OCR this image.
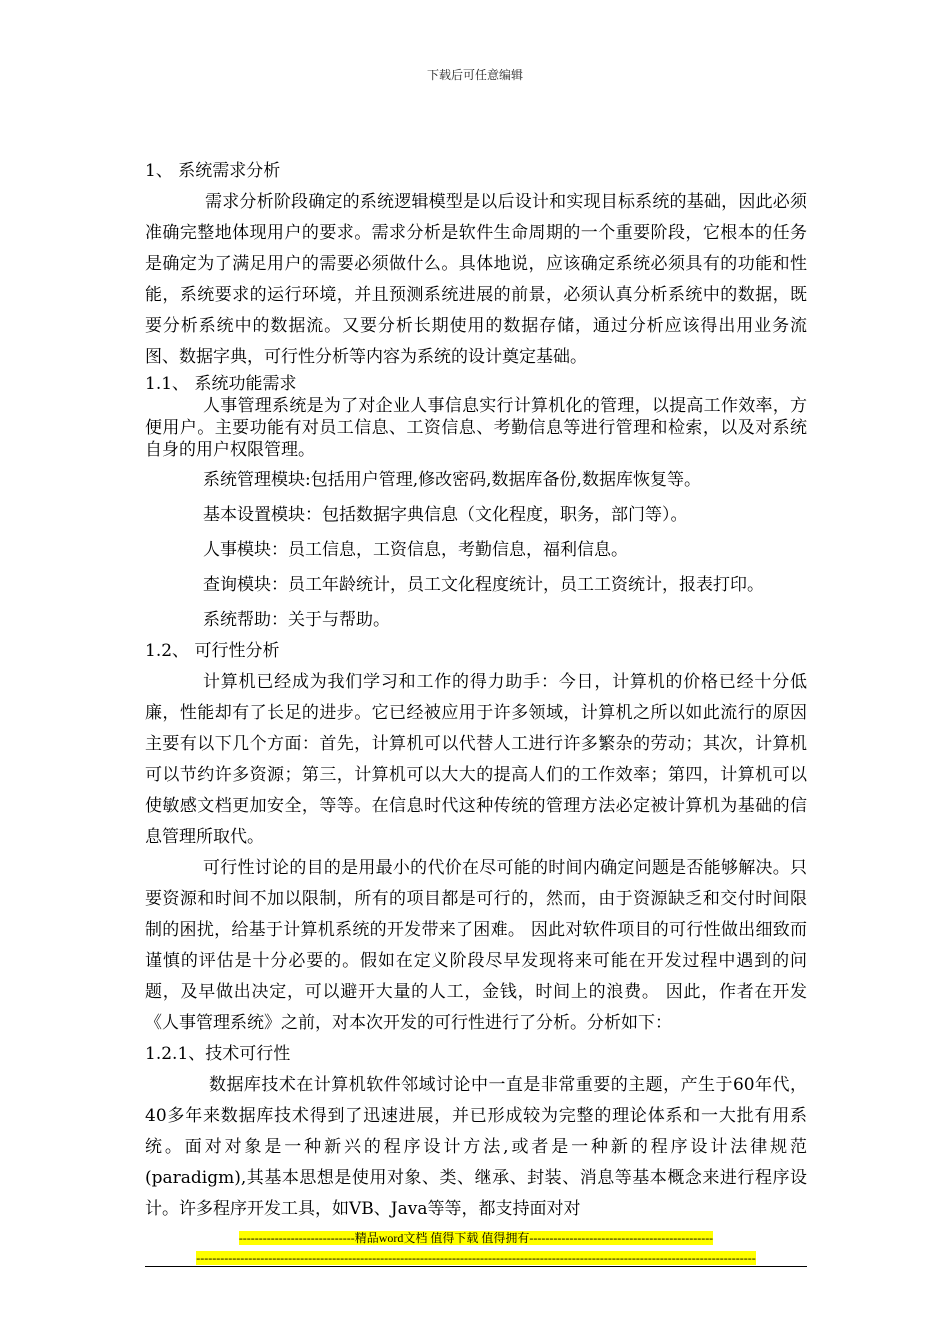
下载后可任意编辑

1、 系统需求分析

需求分析阶段确定的系统逻辑模型是以后设计和实现目标系统的基础，因此必须准确完整地体现用户的要求。需求分析是软件生命周期的一个重要阶段，它根本的任务是确定为了满足用户的需要必须做什么。具体地说，应该确定系统必须具有的功能和性能，系统要求的运行环境，并且预测系统进展的前景，必须认真分析系统中的数据，既要分析系统中的数据流。又要分析长期使用的数据存储，通过分析应该得出用业务流图、数据字典，可行性分析等内容为系统的设计奠定基础。

1.1、 系统功能需求

人事管理系统是为了对企业人事信息实行计算机化的管理，以提高工作效率，方便用户。主要功能有对员工信息、工资信息、考勤信息等进行管理和检索，以及对系统自身的用户权限管理。

系统管理模块:包括用户管理,修改密码,数据库备份,数据库恢复等。

基本设置模块：包括数据字典信息（文化程度，职务，部门等）。

人事模块：员工信息，工资信息，考勤信息，福利信息。

查询模块：员工年龄统计，员工文化程度统计，员工工资统计，报表打印。

系统帮助：关于与帮助。

1.2、 可行性分析

计算机已经成为我们学习和工作的得力助手：今日，计算机的价格已经十分低廉，性能却有了长足的进步。它已经被应用于许多领域，计算机之所以如此流行的原因主要有以下几个方面：首先，计算机可以代替人工进行许多繁杂的劳动；其次，计算机可以节约许多资源；第三，计算机可以大大的提高人们的工作效率；第四，计算机可以使敏感文档更加安全，等等。在信息时代这种传统的管理方法必定被计算机为基础的信息管理所取代。

可行性讨论的目的是用最小的代价在尽可能的时间内确定问题是否能够解决。只要资源和时间不加以限制，所有的项目都是可行的，然而，由于资源缺乏和交付时间限制的困扰，给基于计算机系统的开发带来了困难。 因此对软件项目的可行性做出细致而谨慎的评估是十分必要的。假如在定义阶段尽早发现将来可能在开发过程中遇到的问题，及早做出决定，可以避开大量的人工，金钱，时间上的浪费。 因此，作者在开发《人事管理系统》之前，对本次开发的可行性进行了分析。分析如下：

1.2.1、技术可行性

数据库技术在计算机软件邻域讨论中一直是非常重要的主题，产生于60年代，40多年来数据库技术得到了迅速进展，并已形成较为完整的理论体系和一大批有用系统。面对对象是一种新兴的程序设计方法,或者是一种新的程序设计法律规范(paradigm),其基本思想是使用对象、类、继承、封装、消息等基本概念来进行程序设计。许多程序开发工具，如VB、Java等等，都支持面对对

-----------------------------精品word文档 值得下载 值得拥有----------------------------------------------
--------------------------------------------------------------------------------------------------------------------------------------------
